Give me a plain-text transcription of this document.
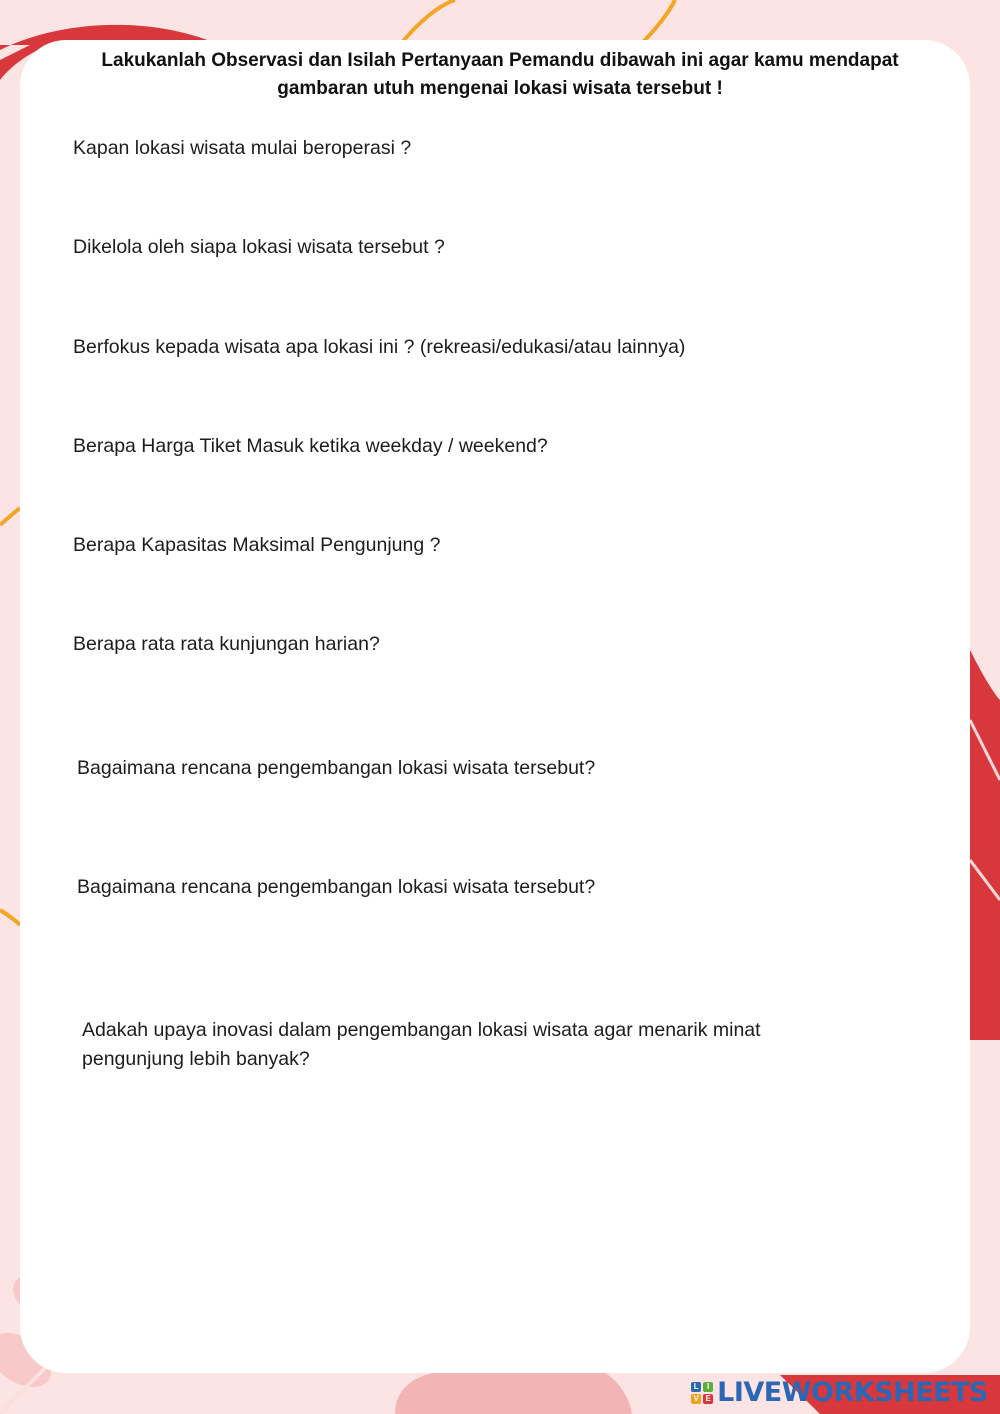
Lakukanlah Observasi dan Isilah Pertanyaan Pemandu dibawah ini agar kamu mendapat gambaran utuh mengenai lokasi wisata tersebut !

Kapan lokasi wisata mulai beroperasi ?

Dikelola oleh siapa lokasi wisata tersebut ?

Berfokus kepada wisata apa lokasi ini ? (rekreasi/edukasi/atau lainnya)

Berapa Harga Tiket Masuk ketika weekday / weekend?

Berapa Kapasitas Maksimal Pengunjung ?

Berapa rata rata kunjungan harian?

Bagaimana rencana pengembangan lokasi wisata tersebut?

Bagaimana rencana pengembangan lokasi wisata tersebut?

Adakah upaya inovasi dalam pengembangan lokasi wisata agar menarik minat pengunjung lebih banyak?

L	I
V E LIVEWORKSHEETS
